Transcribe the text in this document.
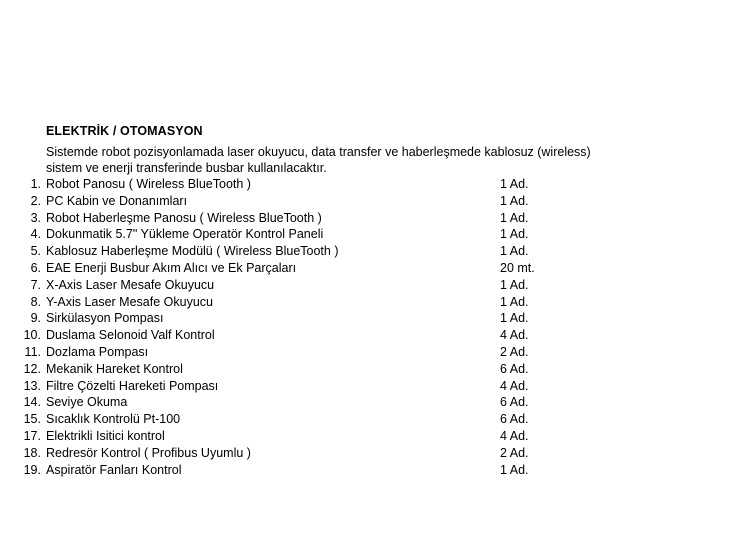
ELEKTRİK / OTOMASYON
Sistemde robot pozisyonlamada laser okuyucu, data transfer ve haberleşmede kablosuz (wireless)
sistem ve enerji transferinde busbar kullanılacaktır.
1. Robot Panosu ( Wireless BlueTooth )	1 Ad.
2. PC Kabin ve Donanımları	1 Ad.
3. Robot Haberleşme Panosu ( Wireless BlueTooth )	1 Ad.
4. Dokunmatik 5.7" Yükleme Operatör Kontrol Paneli	1 Ad.
5. Kablosuz Haberleşme Modülü ( Wireless BlueTooth )	1 Ad.
6. EAE Enerji Busbur Akım Alıcı ve Ek Parçaları	20 mt.
7. X-Axis Laser Mesafe Okuyucu	1 Ad.
8. Y-Axis Laser Mesafe Okuyucu	1 Ad.
9. Sirkülasyon Pompası	1 Ad.
10. Duslama Selonoid Valf Kontrol	4 Ad.
11. Dozlama Pompası	2 Ad.
12. Mekanik Hareket Kontrol	6 Ad.
13. Filtre Çözelti Hareketi Pompası	4 Ad.
14. Seviye Okuma	6 Ad.
15. Sıcaklık Kontrolü Pt-100	6 Ad.
17. Elektrikli Isitici kontrol	4 Ad.
18. Redresör Kontrol ( Profibus Uyumlu )	2 Ad.
19. Aspiratör Fanları Kontrol	1 Ad.
